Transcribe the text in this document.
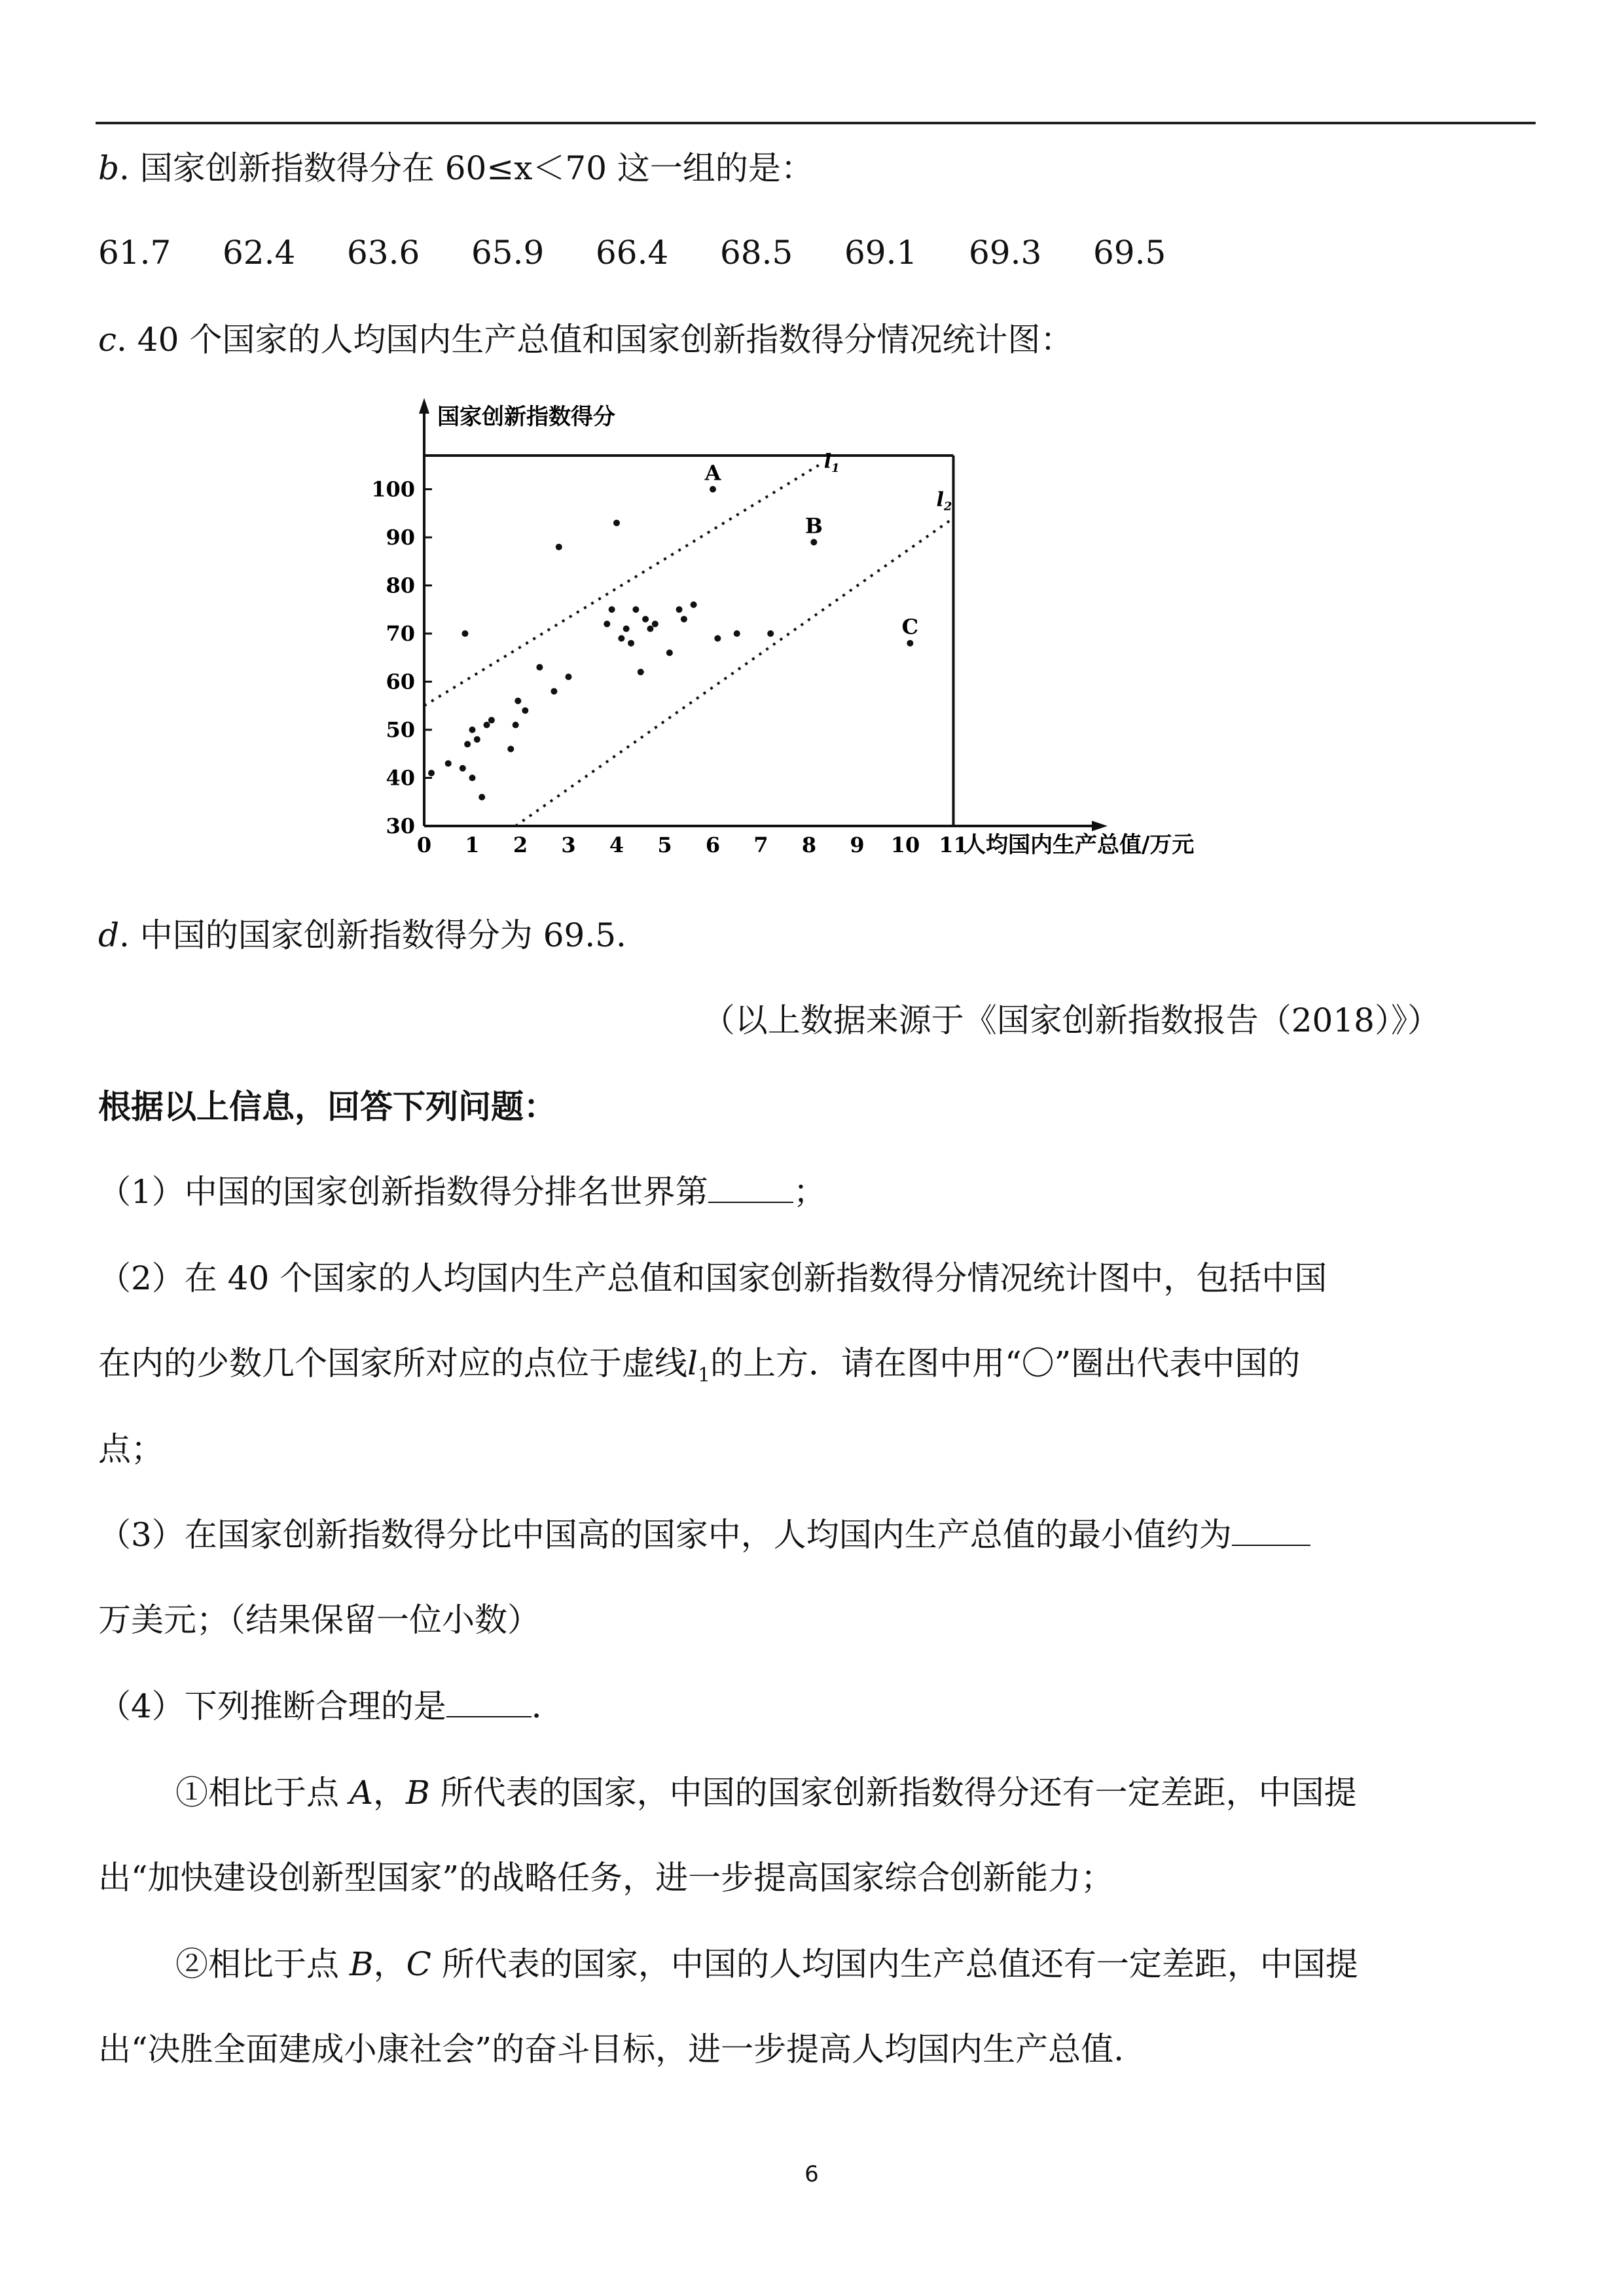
b. 国家创新指数得分在 60≤x＜70 这一组的是：
61.7 62.4 63.6 65.9 66.4 68.5 69.1 69.3 69.5
c. 40 个国家的人均国内生产总值和国家创新指数得分情况统计图：
国家创新指数得分
人均国内生产总值/万元
0 1 2 3 4 5 6 7 8 9 10 11
30
40
50
60
70
80
90
100
$l_1$
$l_2$
A
B
C
d. 中国的国家创新指数得分为 69.5.
（以上数据来源于《国家创新指数报告（2018）》）
根据以上信息，回答下列问题：
（1）中国的国家创新指数得分排名世界第	；
（2）在 40 个国家的人均国内生产总值和国家创新指数得分情况统计图中，包括中国
在内的少数几个国家所对应的点位于虚线$l_1$的上方．请在图中用“〇”圈出代表中国的
点；
（3）在国家创新指数得分比中国高的国家中，人均国内生产总值的最小值约为
万美元；（结果保留一位小数）
（4）下列推断合理的是	．
①相比于点 A，B 所代表的国家，中国的国家创新指数得分还有一定差距，中国提
出“加快建设创新型国家”的战略任务，进一步提高国家综合创新能力；
②相比于点 B，C 所代表的国家，中国的人均国内生产总值还有一定差距，中国提
出“决胜全面建成小康社会”的奋斗目标，进一步提高人均国内生产总值.
6
